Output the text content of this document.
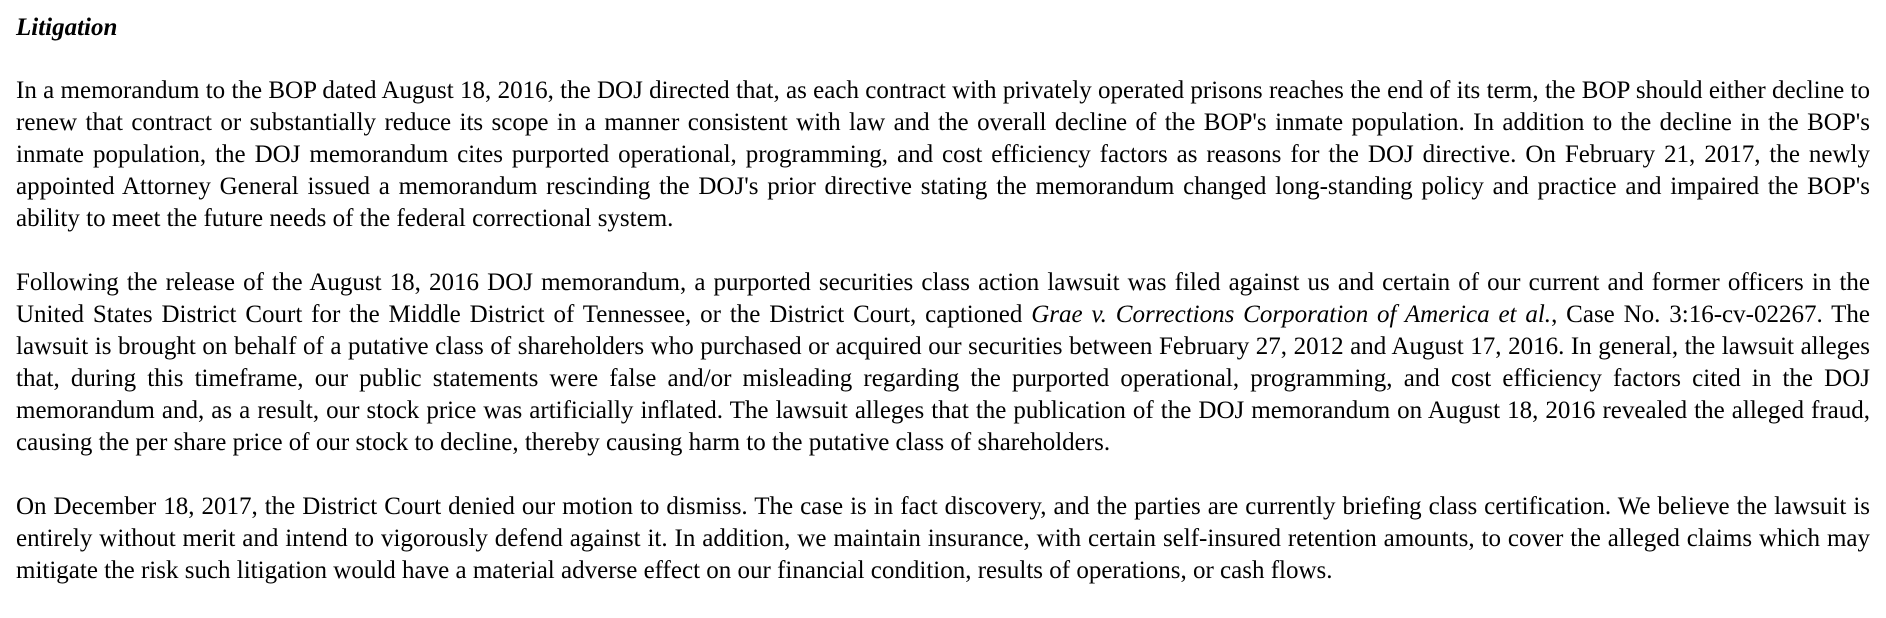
Litigation

In a memorandum to the BOP dated August 18, 2016, the DOJ directed that, as each contract with privately operated prisons reaches the end of its term, the BOP should either decline to renew that contract or substantially reduce its scope in a manner consistent with law and the overall decline of the BOP's inmate population. In addition to the decline in the BOP's inmate population, the DOJ memorandum cites purported operational, programming, and cost efficiency factors as reasons for the DOJ directive. On February 21, 2017, the newly appointed Attorney General issued a memorandum rescinding the DOJ's prior directive stating the memorandum changed long-standing policy and practice and impaired the BOP's ability to meet the future needs of the federal correctional system.

Following the release of the August 18, 2016 DOJ memorandum, a purported securities class action lawsuit was filed against us and certain of our current and former officers in the United States District Court for the Middle District of Tennessee, or the District Court, captioned Grae v. Corrections Corporation of America et al., Case No. 3:16-cv-02267. The lawsuit is brought on behalf of a putative class of shareholders who purchased or acquired our securities between February 27, 2012 and August 17, 2016. In general, the lawsuit alleges that, during this timeframe, our public statements were false and/or misleading regarding the purported operational, programming, and cost efficiency factors cited in the DOJ memorandum and, as a result, our stock price was artificially inflated. The lawsuit alleges that the publication of the DOJ memorandum on August 18, 2016 revealed the alleged fraud, causing the per share price of our stock to decline, thereby causing harm to the putative class of shareholders.

On December 18, 2017, the District Court denied our motion to dismiss. The case is in fact discovery, and the parties are currently briefing class certification. We believe the lawsuit is entirely without merit and intend to vigorously defend against it. In addition, we maintain insurance, with certain self-insured retention amounts, to cover the alleged claims which may mitigate the risk such litigation would have a material adverse effect on our financial condition, results of operations, or cash flows.
